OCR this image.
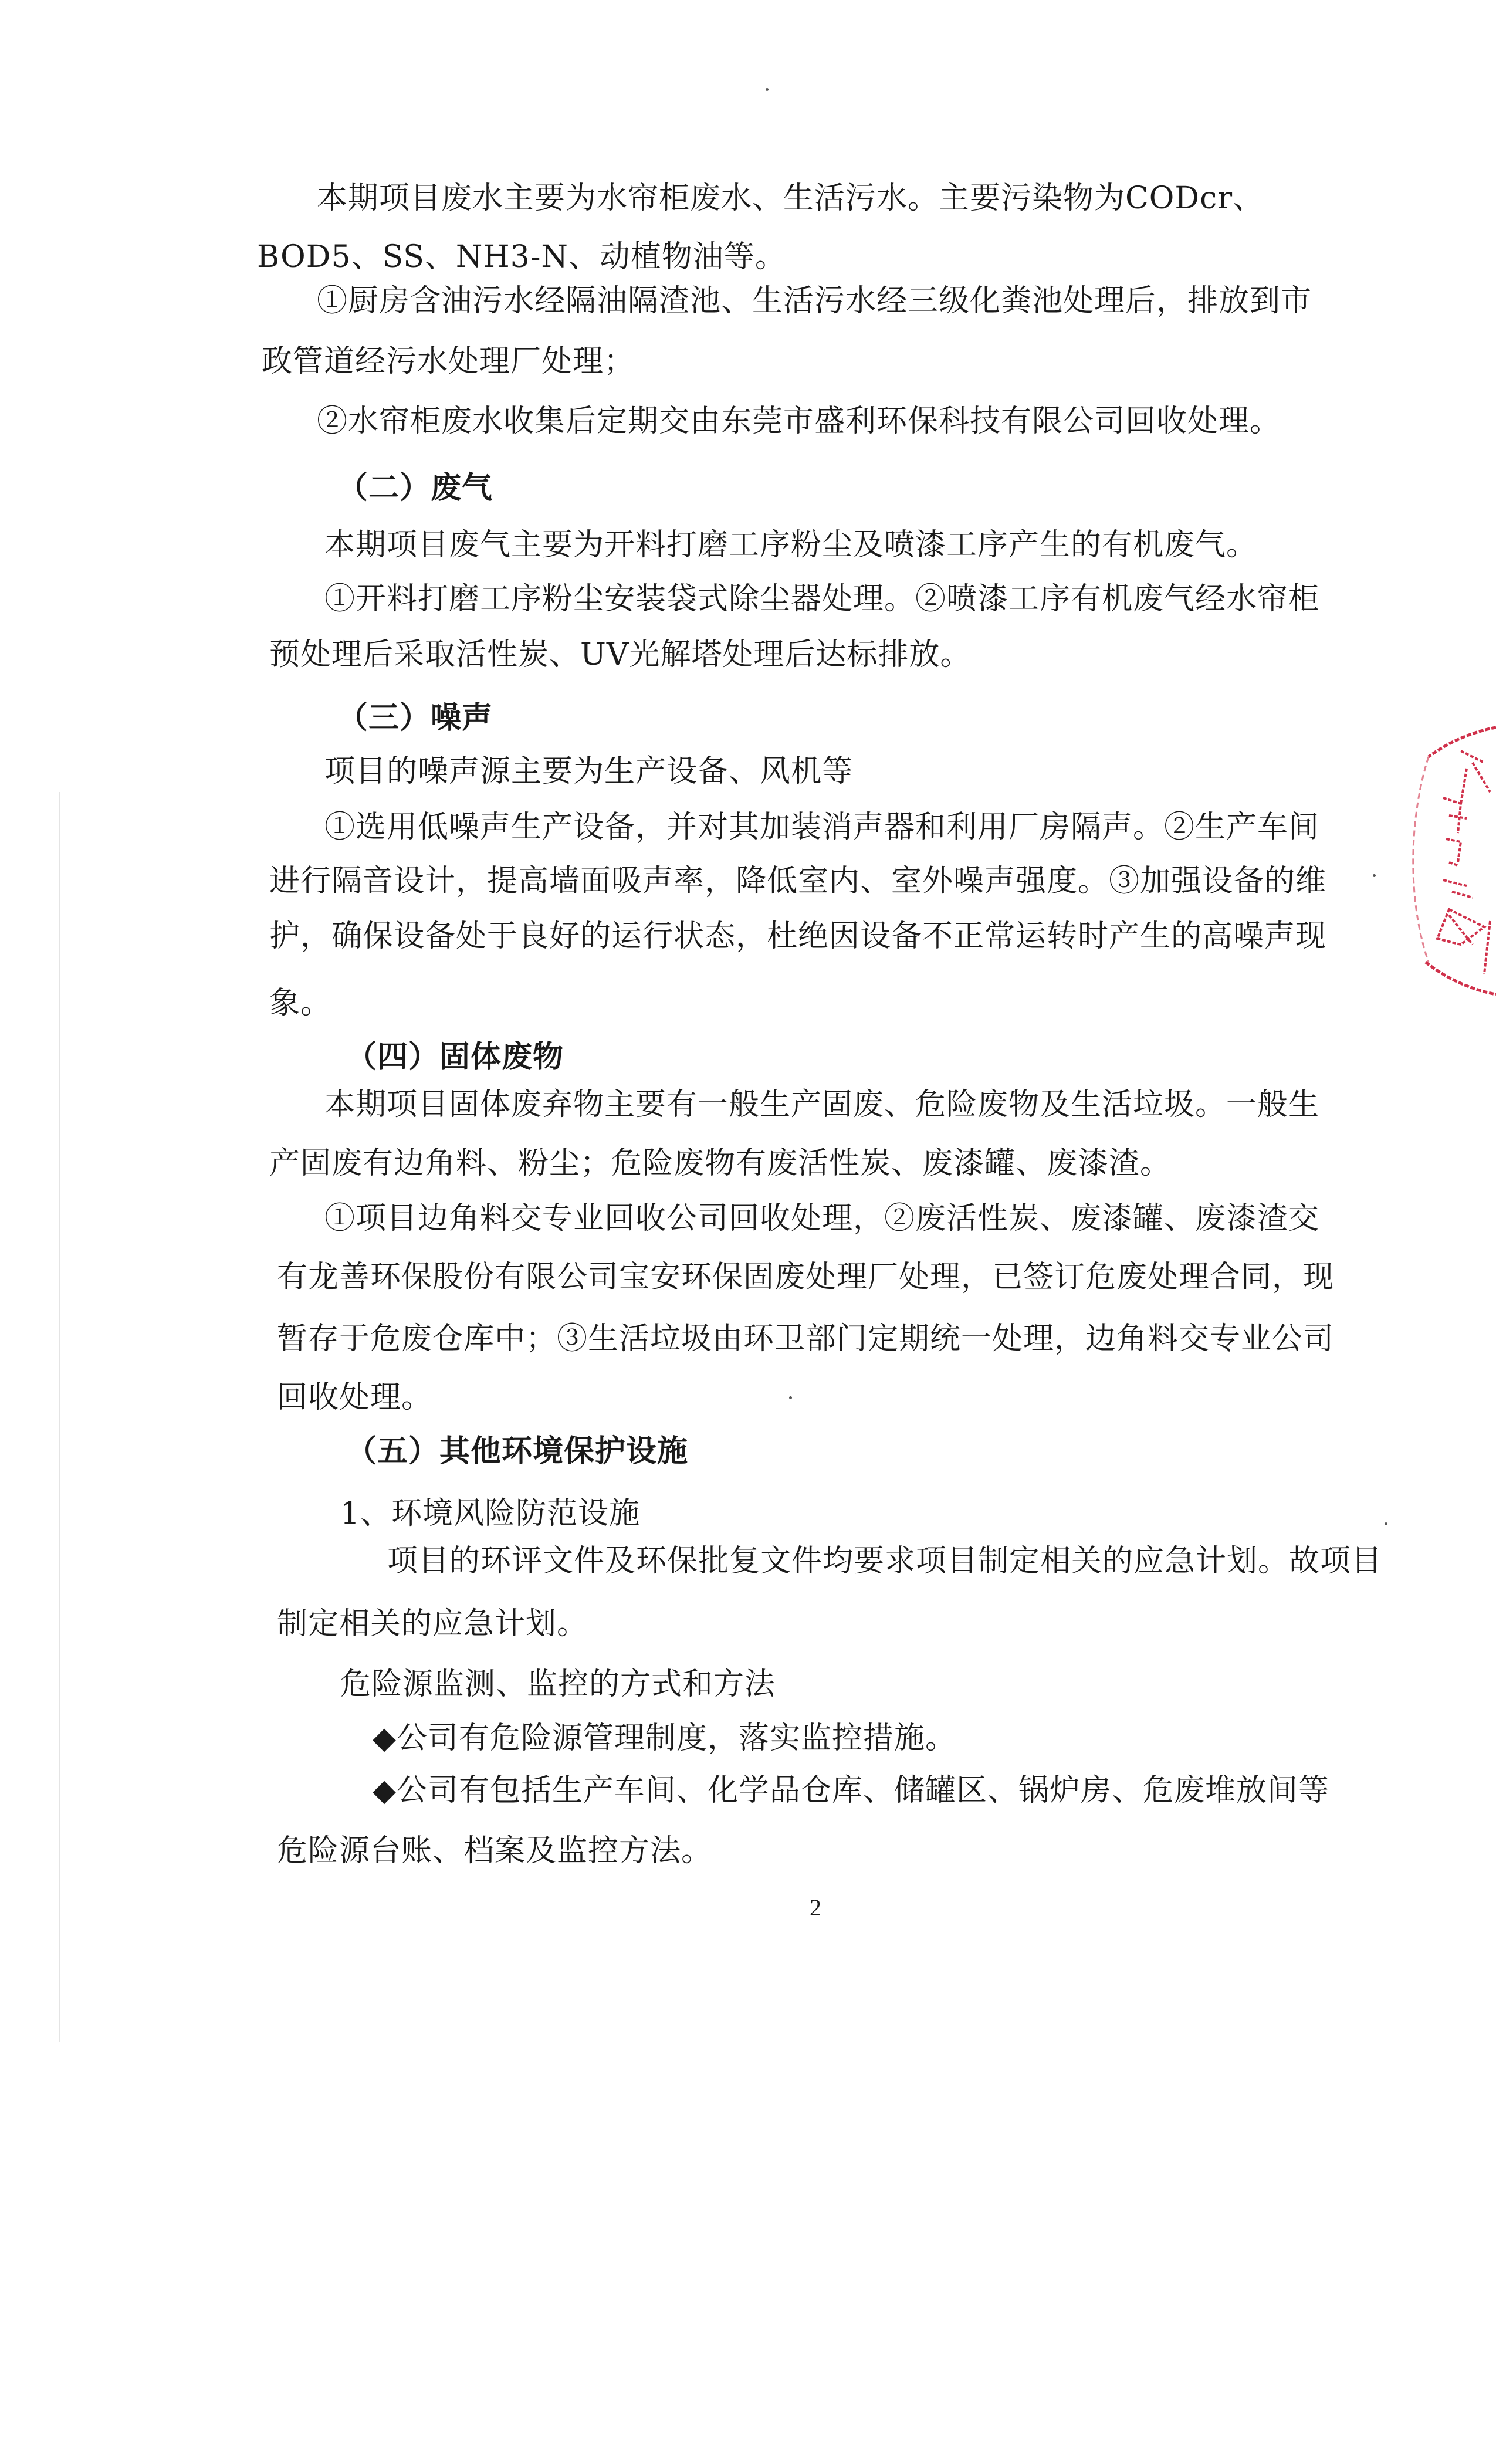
本期项目废水主要为水帘柜废水、生活污水。主要污染物为CODcr、
BOD5、SS、NH3-N、动植物油等。
①厨房含油污水经隔油隔渣池、生活污水经三级化粪池处理后，排放到市
政管道经污水处理厂处理；
②水帘柜废水收集后定期交由东莞市盛利环保科技有限公司回收处理。
（二）废气
本期项目废气主要为开料打磨工序粉尘及喷漆工序产生的有机废气。
①开料打磨工序粉尘安装袋式除尘器处理。②喷漆工序有机废气经水帘柜
预处理后采取活性炭、UV光解塔处理后达标排放。
（三）噪声
项目的噪声源主要为生产设备、风机等
①选用低噪声生产设备，并对其加装消声器和利用厂房隔声。②生产车间
进行隔音设计，提高墙面吸声率，降低室内、室外噪声强度。③加强设备的维
护，确保设备处于良好的运行状态，杜绝因设备不正常运转时产生的高噪声现
象。
（四）固体废物
本期项目固体废弃物主要有一般生产固废、危险废物及生活垃圾。一般生
产固废有边角料、粉尘；危险废物有废活性炭、废漆罐、废漆渣。
①项目边角料交专业回收公司回收处理，②废活性炭、废漆罐、废漆渣交
有龙善环保股份有限公司宝安环保固废处理厂处理，已签订危废处理合同，现
暂存于危废仓库中；③生活垃圾由环卫部门定期统一处理，边角料交专业公司
回收处理。
（五）其他环境保护设施
1、环境风险防范设施
项目的环评文件及环保批复文件均要求项目制定相关的应急计划。故项目
制定相关的应急计划。
危险源监测、监控的方式和方法
◆公司有危险源管理制度，落实监控措施。
◆公司有包括生产车间、化学品仓库、储罐区、锅炉房、危废堆放间等
危险源台账、档案及监控方法。
2
